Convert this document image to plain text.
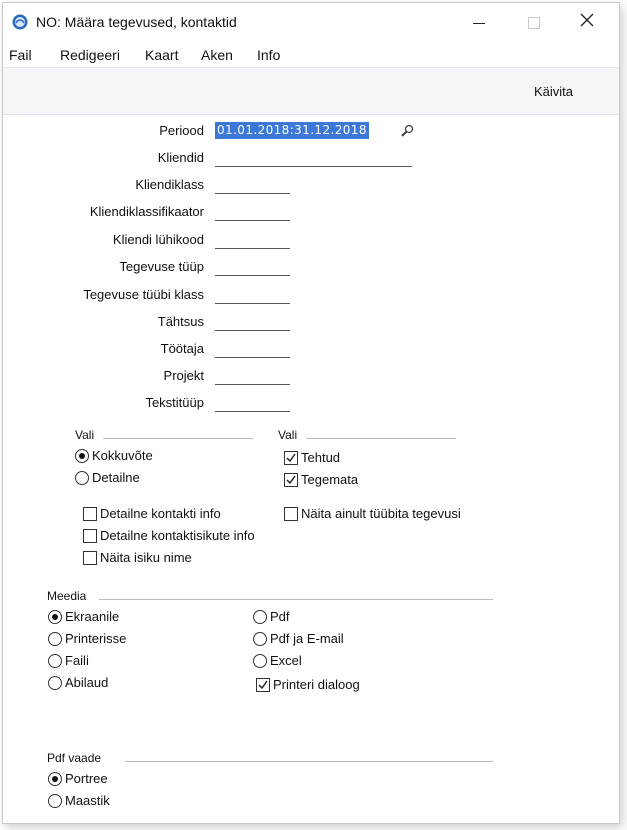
NO: Määra tegevused, kontaktid
Fail Redigeeri Kaart Aken Info
Käivita
Periood 01.01.2018:31.12.2018
Kliendid
Kliendiklass
Kliendiklassifikaator
Kliendi lühikood
Tegevuse tüüp
Tegevuse tüübi klass
Tähtsus
Töötaja
Projekt
Tekstitüüp
Vali
Kokkuvõte
Detailne
Vali
Tehtud
Tegemata
Detailne kontakti info
Detailne kontaktisikute info
Näita isiku nime
Näita ainult tüübita tegevusi
Meedia
Ekraanile
Printerisse
Faili
Abilaud
Pdf
Pdf ja E-mail
Excel
Printeri dialoog
Pdf vaade
Portree
Maastik
